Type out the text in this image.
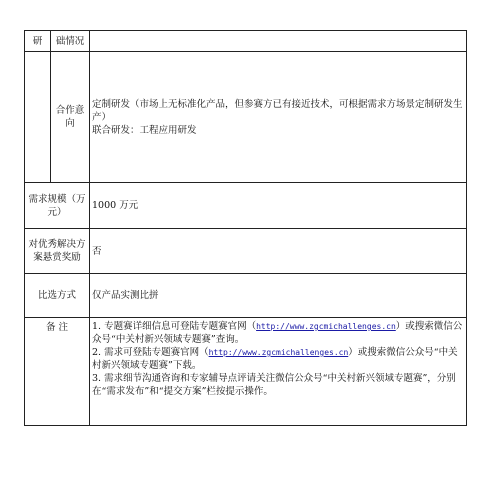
研	础情况	
	合作意向	定制研发（市场上无标准化产品，但参赛方已有接近技术，可根据需求方场景定制研发生产）
联合研发：工程应用研发

需求规模（万元）		1000 万元
对优秀解决方案悬赏奖励		否
比选方式		仅产品实测比拼
备 注		1. 专题赛详细信息可登陆专题赛官网（http://www.zgcmichallenges.cn）或搜索微信公众号“中关村新兴领域专题赛”查询。

2. 需求可登陆专题赛官网（http://www.zgcmichallenges.cn）或搜索微信公众号“中关村新兴领域专题赛”下载。

3. 需求细节沟通咨询和专家辅导点评请关注微信公众号“中关村新兴领域专题赛”，分别在“需求发布”和“提交方案”栏按提示操作。
